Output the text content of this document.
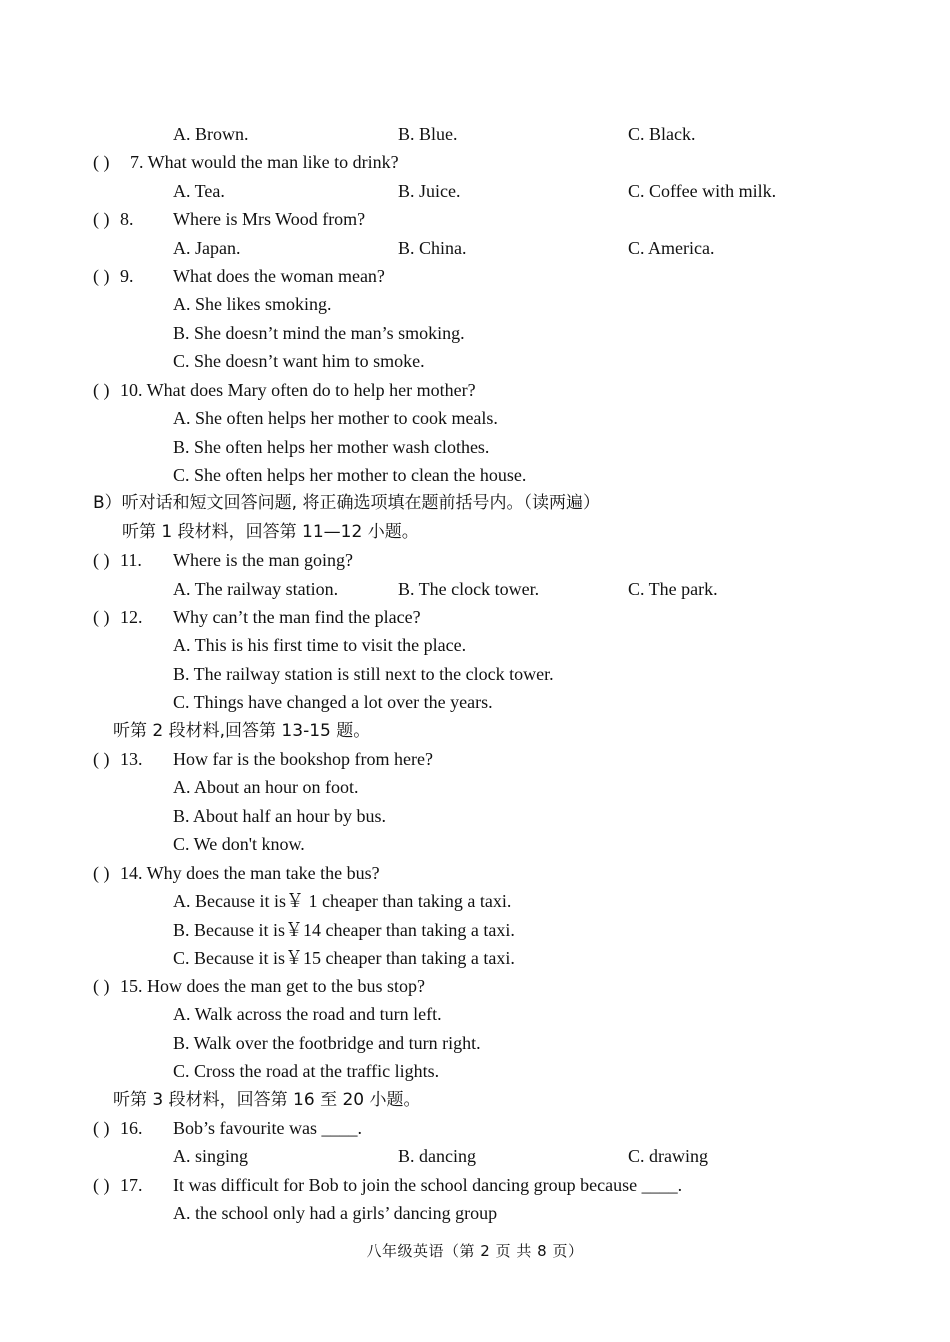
A. Brown.	B. Blue.	C. Black.
( ) 7. What would the man like to drink?
A. Tea.	B. Juice.	C. Coffee with milk.
( ) 8. Where is Mrs Wood from?
A. Japan.	B. China.	C. America.
( ) 9. What does the woman mean?
A. She likes smoking.
B. She doesn’t mind the man’s smoking.
C. She doesn’t want him to smoke.
( ) 10. What does Mary often do to help her mother?
A. She often helps her mother to cook meals.
B. She often helps her mother wash clothes.
C. She often helps her mother to clean the house.
B）听对话和短文回答问题, 将正确选项填在题前括号内。（读两遍）
听第 1 段材料，回答第 11—12 小题。
( ) 11. Where is the man going?
A. The railway station.	B. The clock tower.	C. The park.
( ) 12. Why can’t the man find the place?
A. This is his first time to visit the place.
B. The railway station is still next to the clock tower.
C. Things have changed a lot over the years.
听第 2 段材料,回答第 13-15 题。
( ) 13. How far is the bookshop from here?
A. About an hour on foot.
B. About half an hour by bus.
C. We don't know.
( ) 14. Why does the man take the bus?
A. Because it is￥ 1 cheaper than taking a taxi.
B. Because it is￥14 cheaper than taking a taxi.
C. Because it is￥15 cheaper than taking a taxi.
( ) 15. How does the man get to the bus stop?
A. Walk across the road and turn left.
B. Walk over the footbridge and turn right.
C. Cross the road at the traffic lights.
听第 3 段材料，回答第 16 至 20 小题。
( ) 16. Bob’s favourite was ____.
A. singing	B. dancing	C. drawing
( ) 17. It was difficult for Bob to join the school dancing group because ____.
A. the school only had a girls’ dancing group
八年级英语（第 2 页 共 8 页）
